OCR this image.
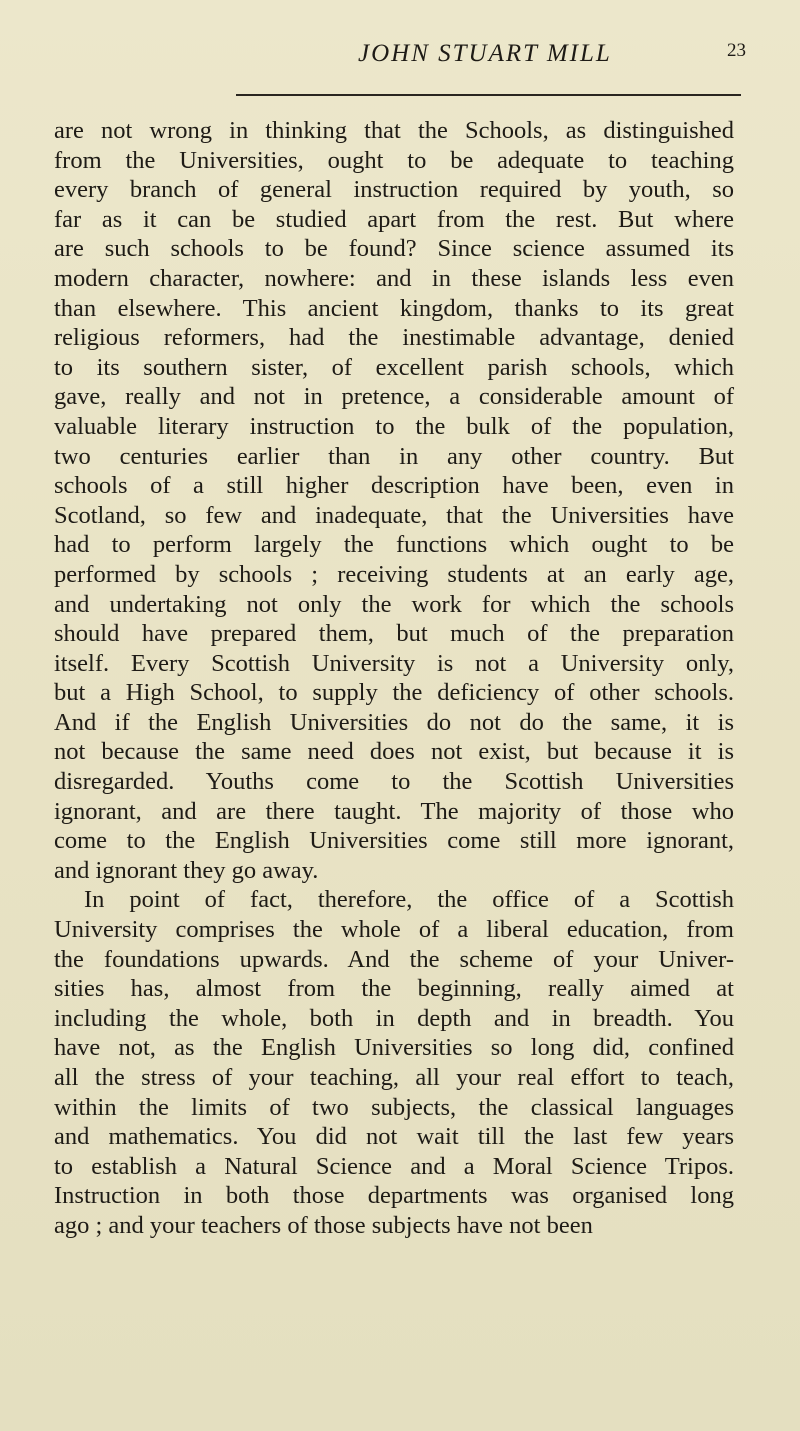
JOHN STUART MILL	23
are not wrong in thinking that the Schools, as distinguished
from the Universities, ought to be adequate to teaching
every branch of general instruction required by youth, so
far as it can be studied apart from the rest. But where
are such schools to be found? Since science assumed its
modern character, nowhere: and in these islands less even
than elsewhere. This ancient kingdom, thanks to its great
religious reformers, had the inestimable advantage, denied
to its southern sister, of excellent parish schools, which
gave, really and not in pretence, a considerable amount of
valuable literary instruction to the bulk of the population,
two centuries earlier than in any other country. But
schools of a still higher description have been, even in
Scotland, so few and inadequate, that the Universities have
had to perform largely the functions which ought to be
performed by schools ; receiving students at an early age,
and undertaking not only the work for which the schools
should have prepared them, but much of the preparation
itself. Every Scottish University is not a University only,
but a High School, to supply the deficiency of other schools.
And if the English Universities do not do the same, it is
not because the same need does not exist, but because it is
disregarded. Youths come to the Scottish Universities
ignorant, and are there taught. The majority of those who
come to the English Universities come still more ignorant,
and ignorant they go away.
In point of fact, therefore, the office of a Scottish
University comprises the whole of a liberal education, from
the foundations upwards. And the scheme of your Univer-
sities has, almost from the beginning, really aimed at
including the whole, both in depth and in breadth. You
have not, as the English Universities so long did, confined
all the stress of your teaching, all your real effort to teach,
within the limits of two subjects, the classical languages
and mathematics. You did not wait till the last few years
to establish a Natural Science and a Moral Science Tripos.
Instruction in both those departments was organised long
ago ; and your teachers of those subjects have not been
